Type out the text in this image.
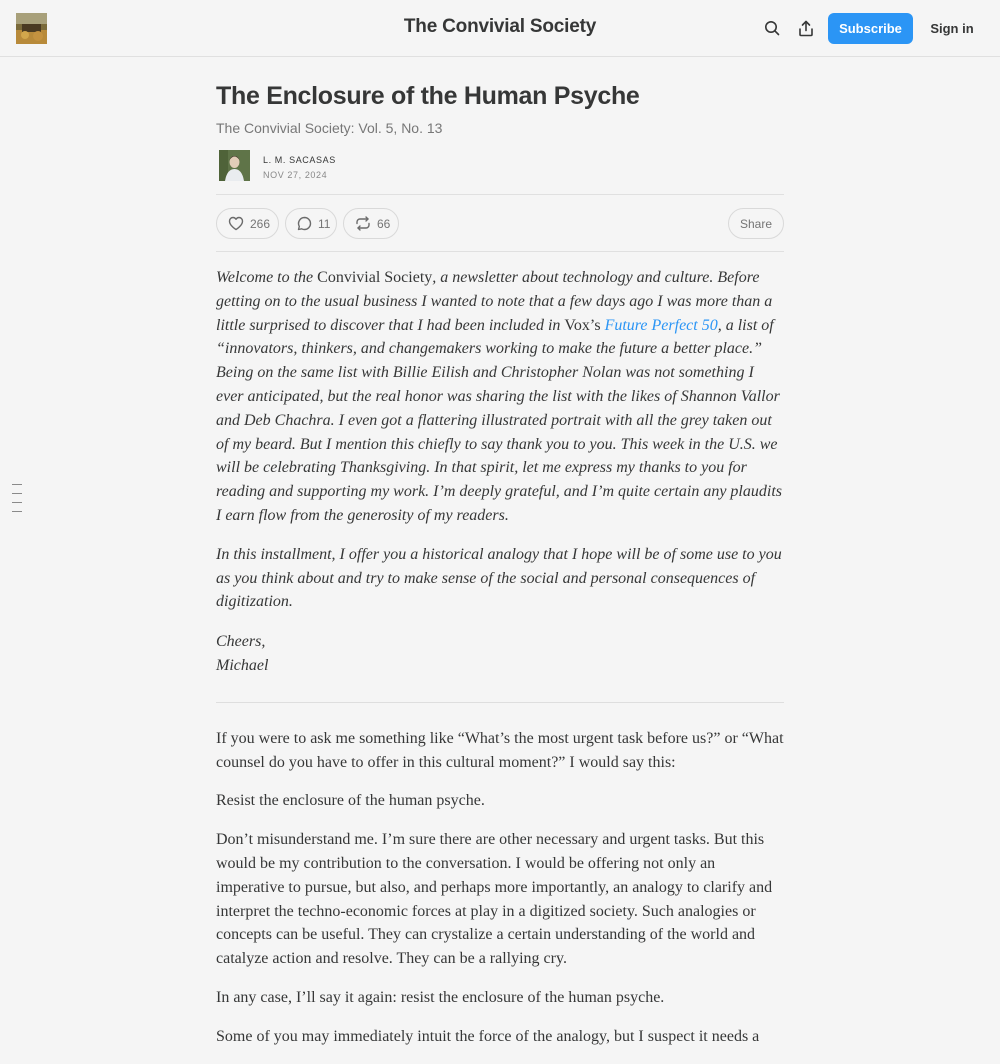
The Convivial Society	Subscribe	Sign in
The Enclosure of the Human Psyche
The Convivial Society: Vol. 5, No. 13
L. M. SACASAS
NOV 27, 2024
266	11	66	Share

Welcome to the Convivial Society, a newsletter about technology and culture. Before getting on to the usual business I wanted to note that a few days ago I was more than a little surprised to discover that I had been included in Vox’s Future Perfect 50, a list of “innovators, thinkers, and changemakers working to make the future a better place.” Being on the same list with Billie Eilish and Christopher Nolan was not something I ever anticipated, but the real honor was sharing the list with the likes of Shannon Vallor and Deb Chachra. I even got a flattering illustrated portrait with all the grey taken out of my beard. But I mention this chiefly to say thank you to you. This week in the U.S. we will be celebrating Thanksgiving. In that spirit, let me express my thanks to you for reading and supporting my work. I’m deeply grateful, and I’m quite certain any plaudits I earn flow from the generosity of my readers.

In this installment, I offer you a historical analogy that I hope will be of some use to you as you think about and try to make sense of the social and personal consequences of digitization.

Cheers,
Michael

If you were to ask me something like “What’s the most urgent task before us?” or “What counsel do you have to offer in this cultural moment?” I would say this:

Resist the enclosure of the human psyche.

Don’t misunderstand me. I’m sure there are other necessary and urgent tasks. But this would be my contribution to the conversation. I would be offering not only an imperative to pursue, but also, and perhaps more importantly, an analogy to clarify and interpret the techno-economic forces at play in a digitized society. Such analogies or concepts can be useful. They can crystalize a certain understanding of the world and catalyze action and resolve. They can be a rallying cry.

In any case, I’ll say it again: resist the enclosure of the human psyche.

Some of you may immediately intuit the force of the analogy, but I suspect it needs a
